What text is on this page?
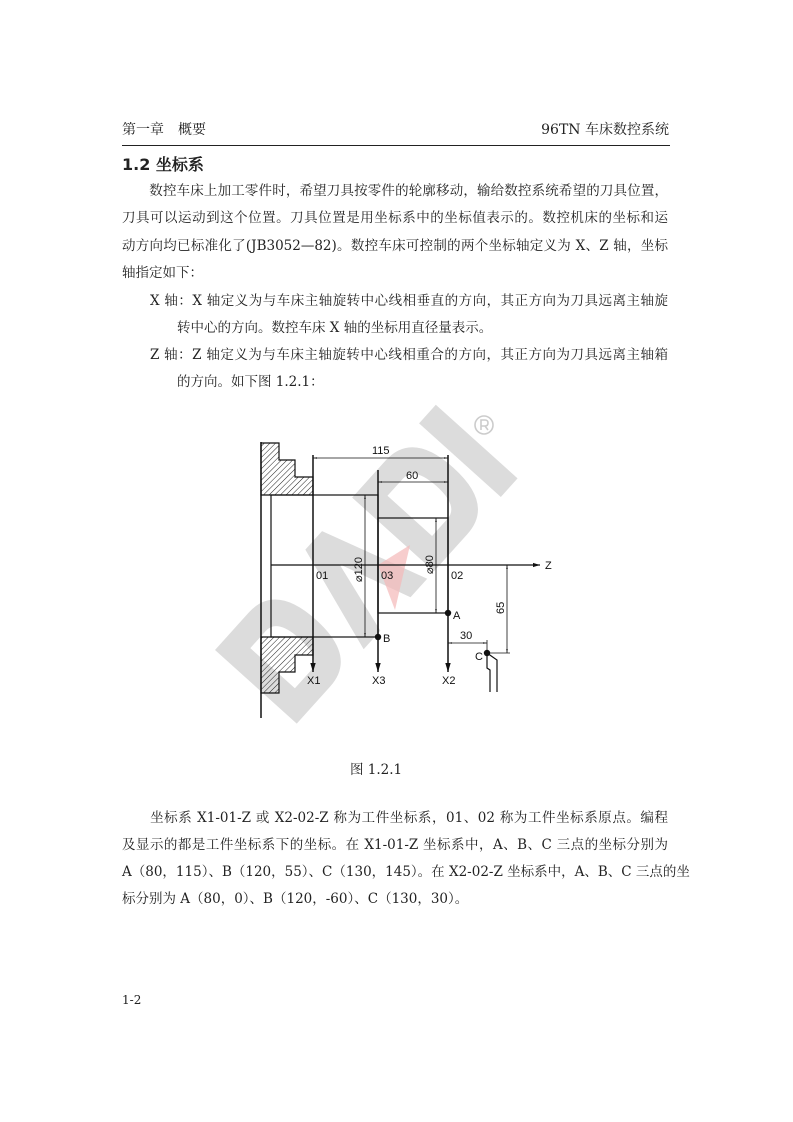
第一章　概要	96TN 车床数控系统
1.2 坐标系
　　数控车床上加工零件时，希望刀具按零件的轮廓移动，输给数控系统希望的刀具位置，
刀具可以运动到这个位置。刀具位置是用坐标系中的坐标值表示的。数控机床的坐标和运
动方向均已标准化了(JB3052—82)。数控车床可控制的两个坐标轴定义为 X、Z 轴，坐标
轴指定如下：
X 轴：X 轴定义为与车床主轴旋转中心线相垂直的方向，其正方向为刀具远离主轴旋
转中心的方向。数控车床 X 轴的坐标用直径量表示。
Z 轴：Z 轴定义为与车床主轴旋转中心线相重合的方向，其正方向为刀具远离主轴箱
的方向。如下图 1.2.1：
115
60
⌀120	⌀80
65
30
01	03	02
Z
X1	X3	X2
A
B
C
图 1.2.1
　　坐标系 X1-01-Z 或 X2-02-Z 称为工件坐标系，01、02 称为工件坐标系原点。编程
及显示的都是工件坐标系下的坐标。在 X1-01-Z 坐标系中，A、B、C 三点的坐标分别为
A（80，115）、B（120，55）、C（130，145）。在 X2-02-Z 坐标系中，A、B、C 三点的坐
标分别为 A（80，0）、B（120，-60）、C（130，30）。
1-2
